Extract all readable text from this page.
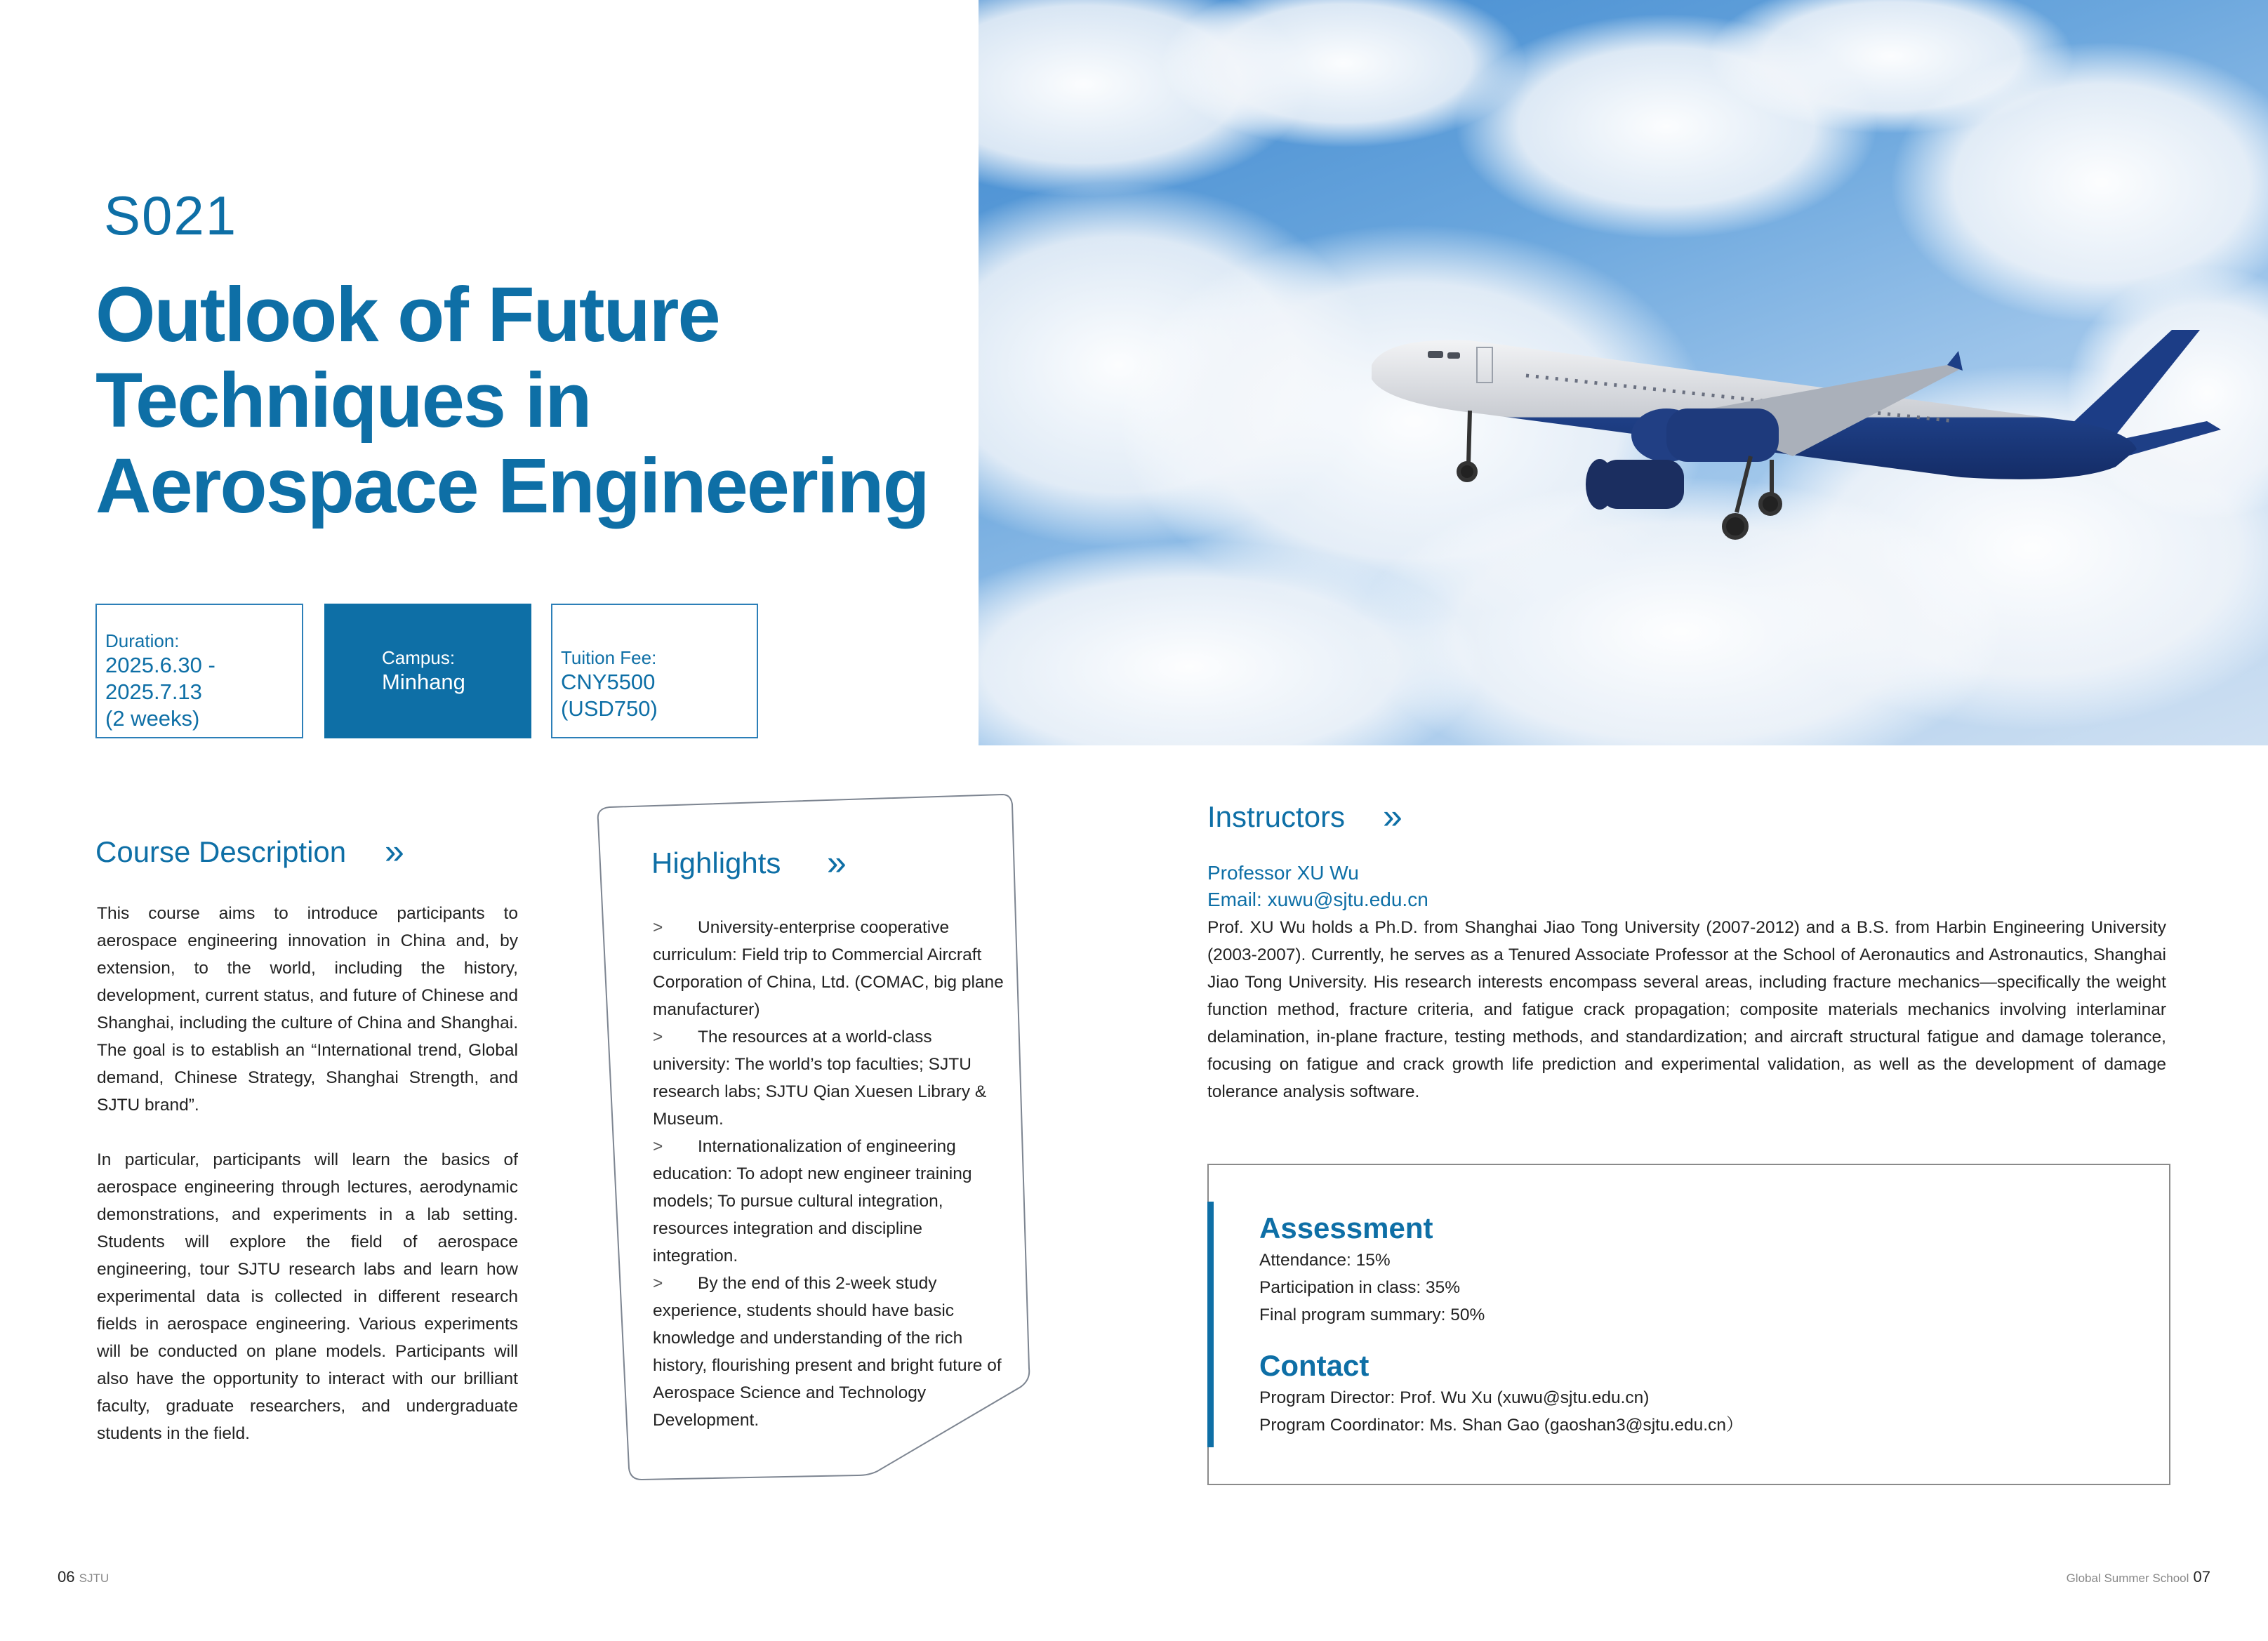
S021
Outlook of Future Techniques in Aerospace Engineering
Duration:
2025.6.30 - 2025.7.13
(2 weeks)
Campus:
Minhang
Tuition Fee:
CNY5500 (USD750)
Course Description »
This course aims to introduce participants to aerospace engineering innovation in China and, by extension, to the world, including the history, development, current status, and future of Chinese and Shanghai, including the culture of China and Shanghai. The goal is to establish an “International trend, Global demand, Chinese Strategy, Shanghai Strength, and SJTU brand”.
In particular, participants will learn the basics of aerospace engineering through lectures, aerodynamic demonstrations, and experiments in a lab setting. Students will explore the field of aerospace engineering, tour SJTU research labs and learn how experimental data is collected in different research fields in aerospace engineering. Various experiments will be conducted on plane models. Participants will also have the opportunity to interact with our brilliant faculty, graduate researchers, and undergraduate students in the field.
Highlights »
> University-enterprise cooperative curriculum: Field trip to Commercial Aircraft Corporation of China, Ltd. (COMAC, big plane manufacturer)
> The resources at a world-class university: The world’s top faculties; SJTU research labs; SJTU Qian Xuesen Library & Museum.
> Internationalization of engineering education: To adopt new engineer training models; To pursue cultural integration, resources integration and discipline integration.
> By the end of this 2-week study experience, students should have basic knowledge and understanding of the rich history, flourishing present and bright future of Aerospace Science and Technology Development.
Instructors »
Professor XU Wu
Email: xuwu@sjtu.edu.cn
Prof. XU Wu holds a Ph.D. from Shanghai Jiao Tong University (2007-2012) and a B.S. from Harbin Engineering University (2003-2007). Currently, he serves as a Tenured Associate Professor at the School of Aeronautics and Astronautics, Shanghai Jiao Tong University. His research interests encompass several areas, including fracture mechanics—specifically the weight function method, fracture criteria, and fatigue crack propagation; composite materials mechanics involving interlaminar delamination, in-plane fracture, testing methods, and standardization; and aircraft structural fatigue and damage tolerance, focusing on fatigue and crack growth life prediction and experimental validation, as well as the development of damage tolerance analysis software.
Assessment
Attendance: 15%
Participation in class: 35%
Final program summary: 50%
Contact
Program Director: Prof. Wu Xu (xuwu@sjtu.edu.cn)
Program Coordinator: Ms. Shan Gao (gaoshan3@sjtu.edu.cn）
06 SJTU	Global Summer School 07
